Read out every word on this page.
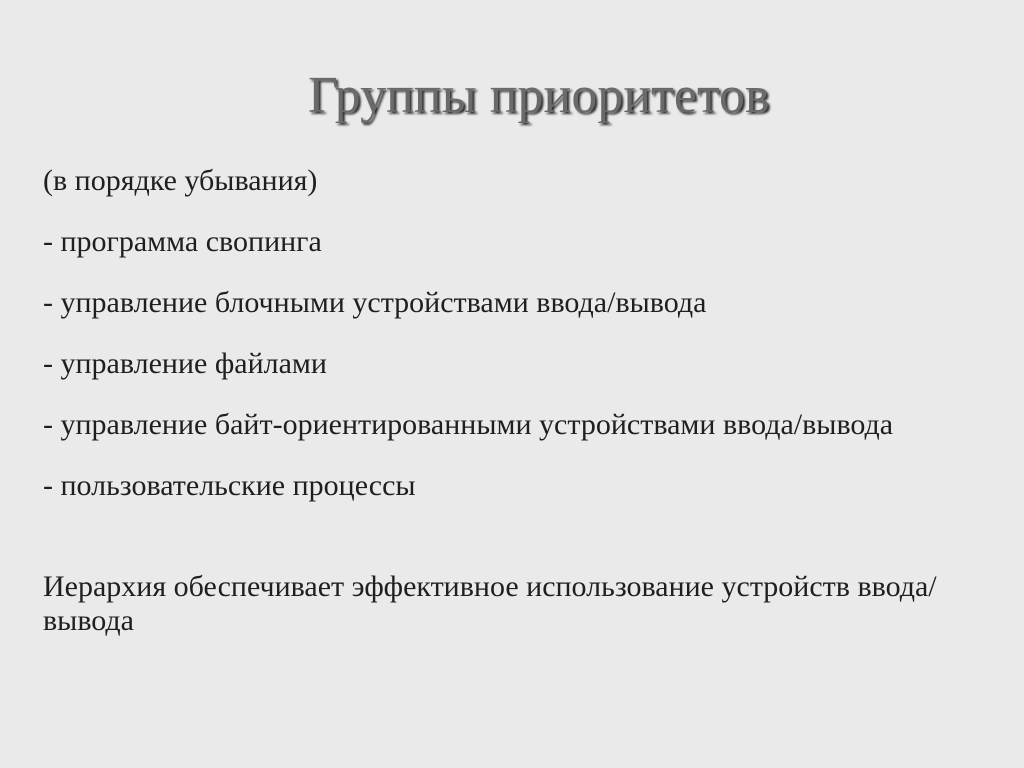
Группы приоритетов

(в порядке убывания)

- программа свопинга

- управление блочными устройствами ввода/вывода

- управление файлами

- управление байт-ориентированными устройствами ввода/вывода

- пользовательские процессы

Иерархия обеспечивает эффективное использование устройств ввода/вывода
